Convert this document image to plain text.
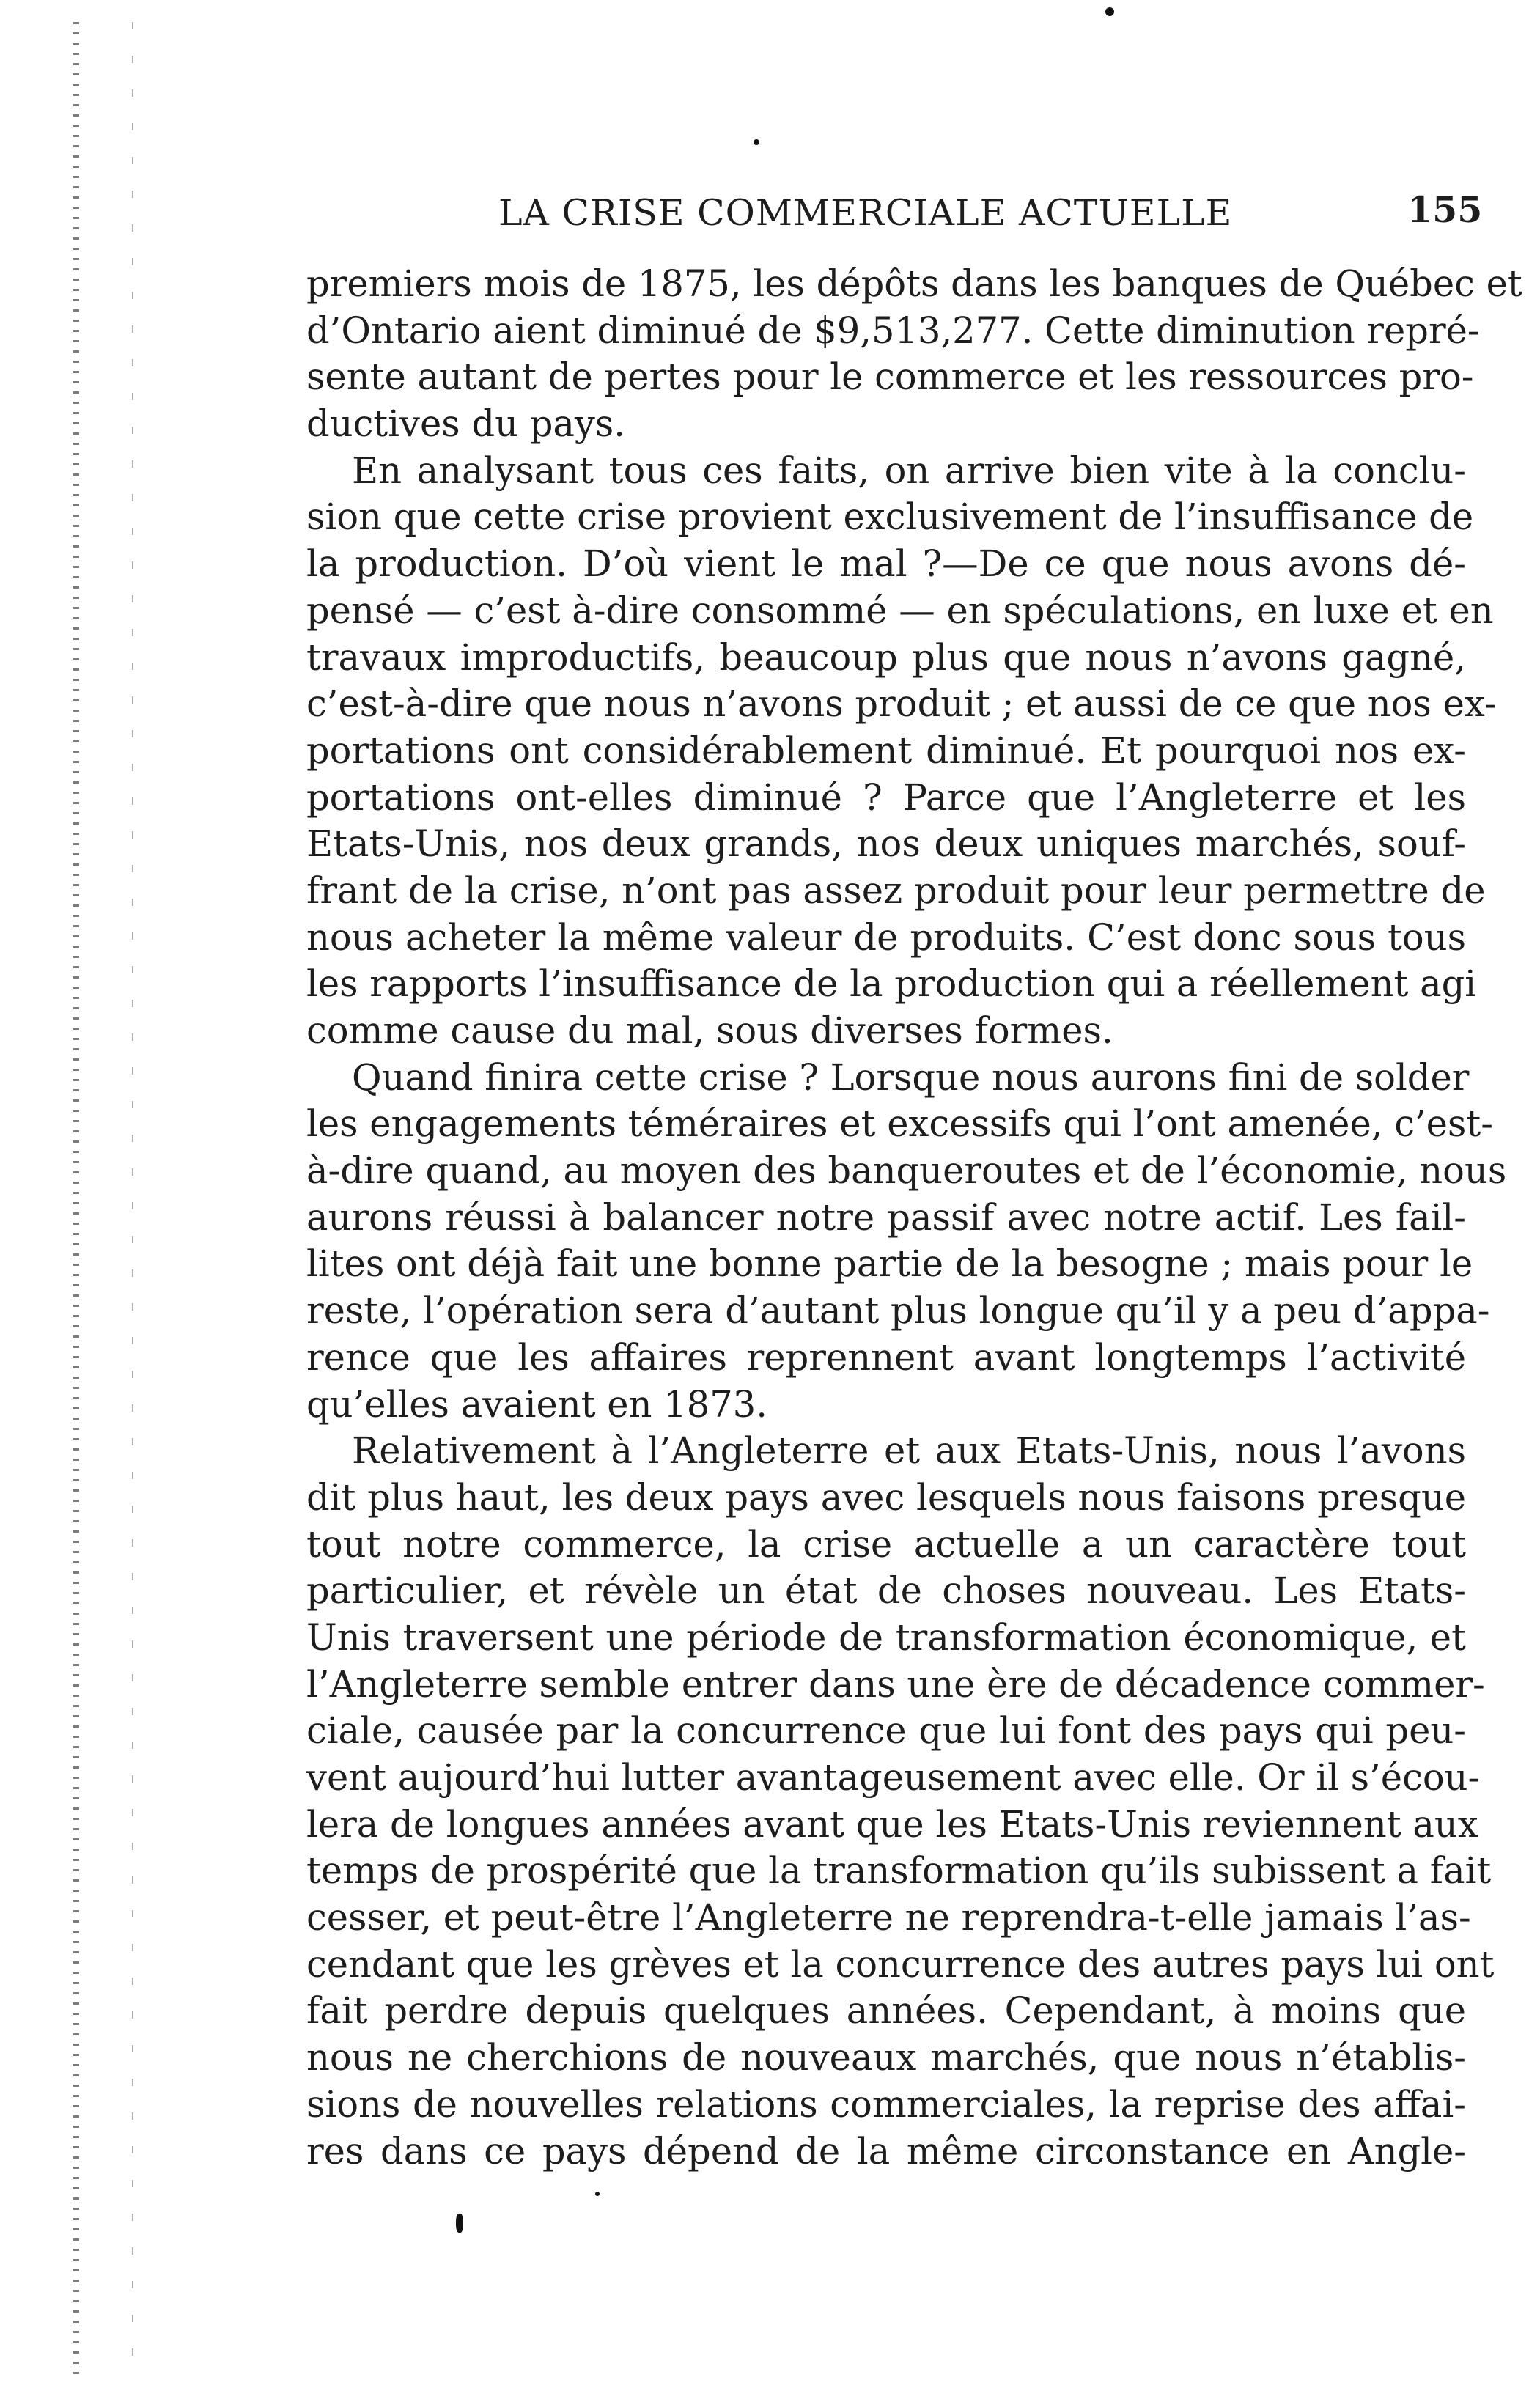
LA CRISE COMMERCIALE ACTUELLE	155

premiers mois de 1875, les dépôts dans les banques de Québec et
d’Ontario aient diminué de $9,513,277. Cette diminution repré-
sente autant de pertes pour le commerce et les ressources pro-
ductives du pays.

En analysant tous ces faits, on arrive bien vite à la conclu-
sion que cette crise provient exclusivement de l’insuffisance de
la production. D’où vient le mal ?—De ce que nous avons dé-
pensé — c’est à-dire consommé — en spéculations, en luxe et en
travaux improductifs, beaucoup plus que nous n’avons gagné,
c’est-à-dire que nous n’avons produit ; et aussi de ce que nos ex-
portations ont considérablement diminué. Et pourquoi nos ex-
portations ont-elles diminué ? Parce que l’Angleterre et les
Etats-Unis, nos deux grands, nos deux uniques marchés, souf-
frant de la crise, n’ont pas assez produit pour leur permettre de
nous acheter la même valeur de produits. C’est donc sous tous
les rapports l’insuffisance de la production qui a réellement agi
comme cause du mal, sous diverses formes.

Quand finira cette crise ? Lorsque nous aurons fini de solder
les engagements téméraires et excessifs qui l’ont amenée, c’est-
à-dire quand, au moyen des banqueroutes et de l’économie, nous
aurons réussi à balancer notre passif avec notre actif. Les fail-
lites ont déjà fait une bonne partie de la besogne ; mais pour le
reste, l’opération sera d’autant plus longue qu’il y a peu d’appa-
rence que les affaires reprennent avant longtemps l’activité
qu’elles avaient en 1873.

Relativement à l’Angleterre et aux Etats-Unis, nous l’avons
dit plus haut, les deux pays avec lesquels nous faisons presque
tout notre commerce, la crise actuelle a un caractère tout
particulier, et révèle un état de choses nouveau. Les Etats-
Unis traversent une période de transformation économique, et
l’Angleterre semble entrer dans une ère de décadence commer-
ciale, causée par la concurrence que lui font des pays qui peu-
vent aujourd’hui lutter avantageusement avec elle. Or il s’écou-
lera de longues années avant que les Etats-Unis reviennent aux
temps de prospérité que la transformation qu’ils subissent a fait
cesser, et peut-être l’Angleterre ne reprendra-t-elle jamais l’as-
cendant que les grèves et la concurrence des autres pays lui ont
fait perdre depuis quelques années. Cependant, à moins que
nous ne cherchions de nouveaux marchés, que nous n’établis-
sions de nouvelles relations commerciales, la reprise des affai-
res dans ce pays dépend de la même circonstance en Angle-
